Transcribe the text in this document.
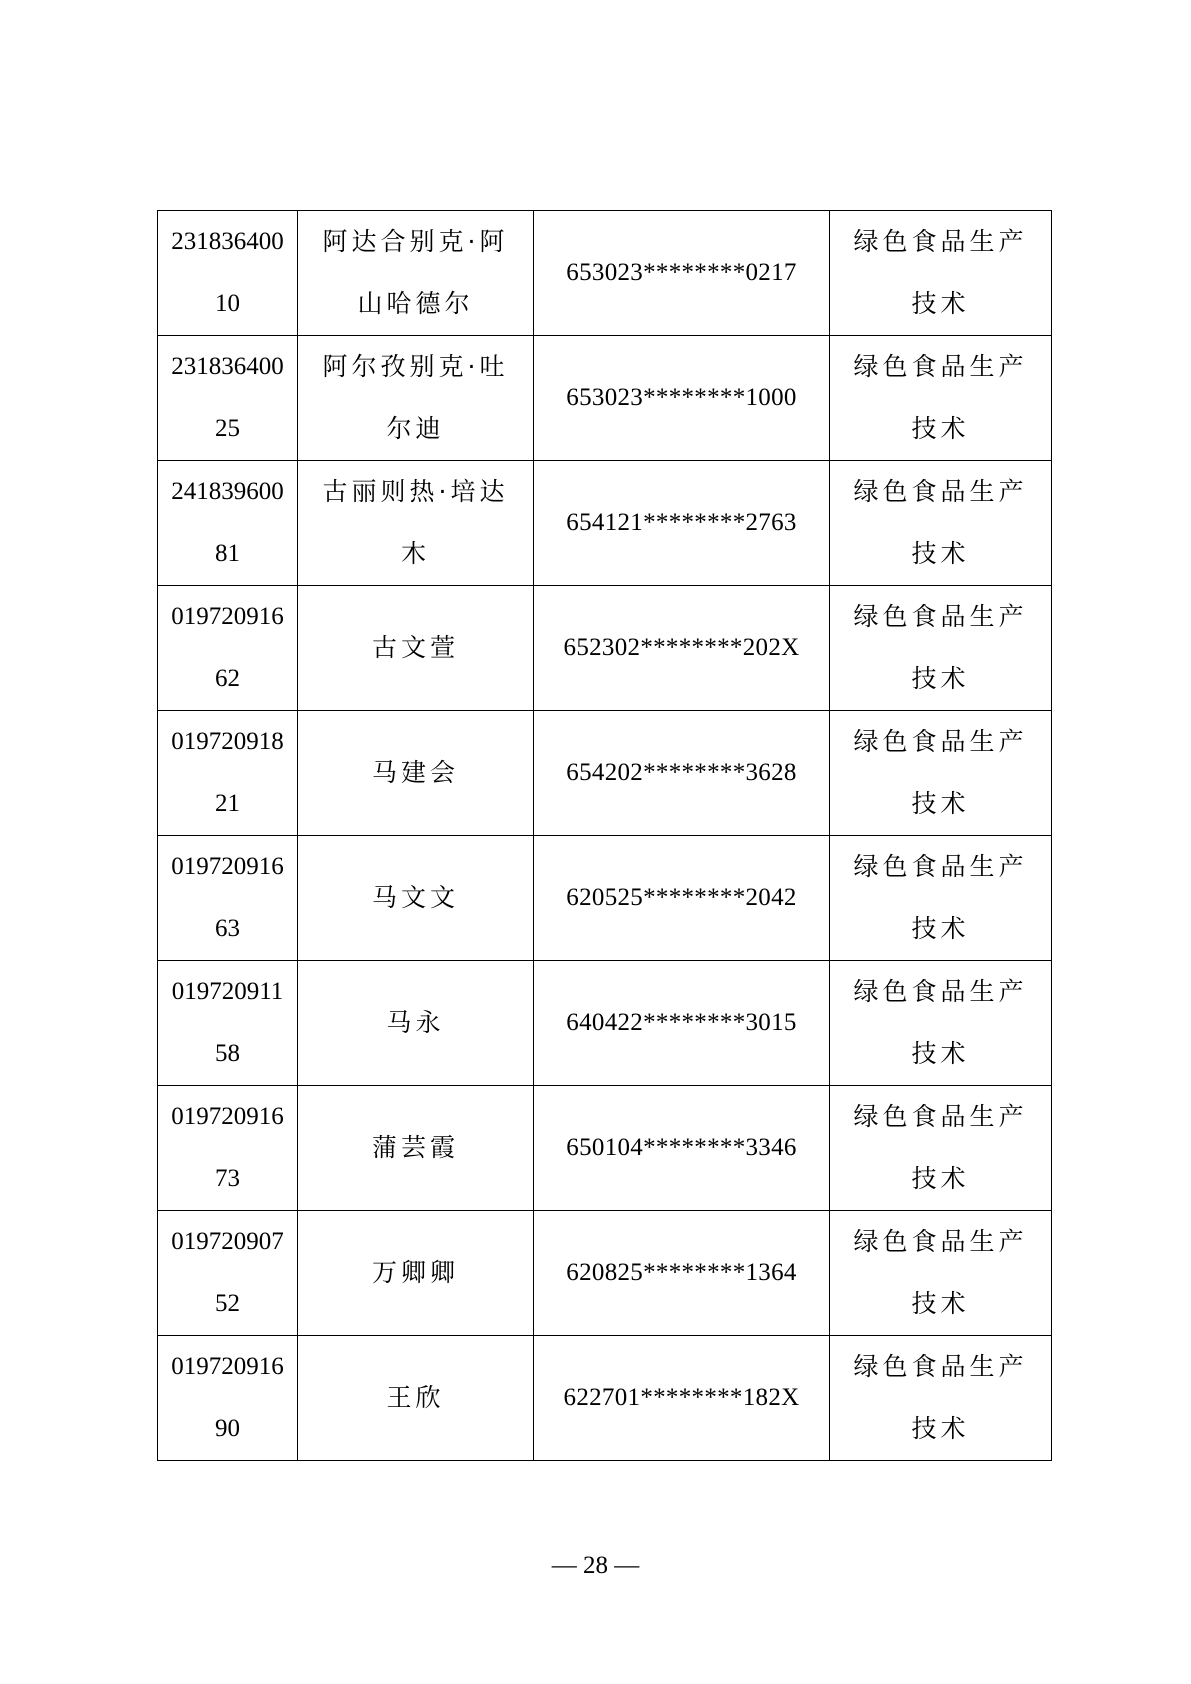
23183640010	阿达合别克·阿山哈德尔	653023********0217	绿色食品生产技术

23183640025	阿尔孜别克·吐尔迪	653023********1000	绿色食品生产技术

24183960081	古丽则热·培达木	654121********2763	绿色食品生产技术

01972091662	古文萱	652302********202X	绿色食品生产技术

01972091821	马建会	654202********3628	绿色食品生产技术

01972091663	马文文	620525********2042	绿色食品生产技术

01972091158	马永	640422********3015	绿色食品生产技术

01972091673	蒲芸霞	650104********3346	绿色食品生产技术

01972090752	万卿卿	620825********1364	绿色食品生产技术

01972091690	王欣	622701********182X	绿色食品生产技术
— 28 —
